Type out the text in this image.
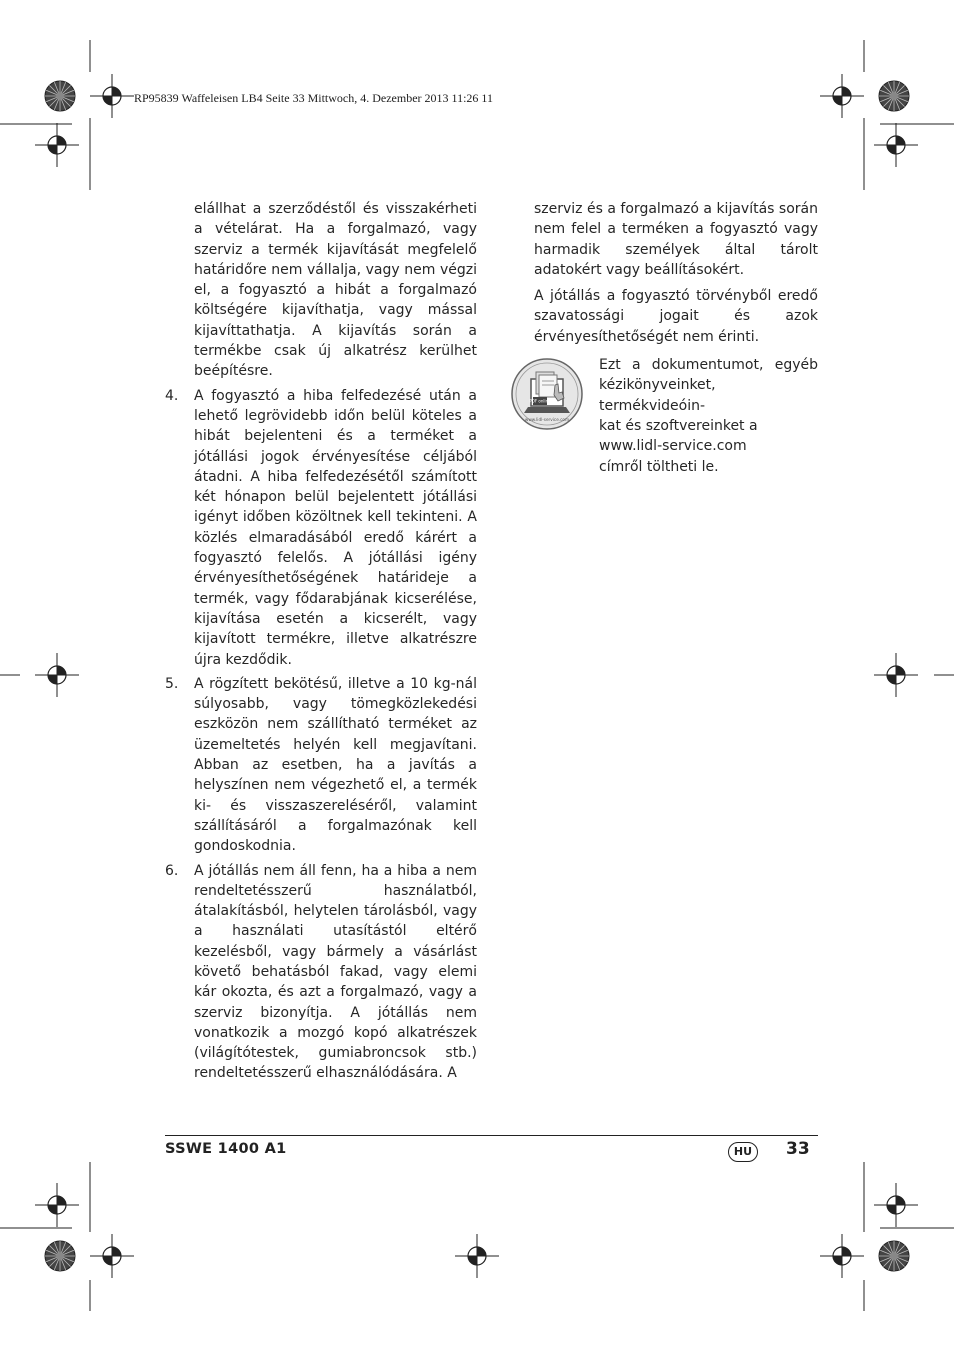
RP95839 Waffeleisen LB4 Seite 33 Mittwoch, 4. Dezember 2013 11:26 11
elállhat a szerződéstől és visszakérheti a vételárat. Ha a forgalmazó, vagy szerviz a termék kijavítását megfelelő határidőre nem vállalja, vagy nem végzi el, a fogyasztó a hibát a forgalmazó költségére kijavíthatja, vagy mással kijavíttathatja. A kijavítás során a termékbe csak új alkatrész kerülhet beépítésre.
4. A fogyasztó a hiba felfedezésé után a lehető legrövidebb időn belül köteles a hibát bejelenteni és a terméket a jótállási jogok érvényesítése céljából átadni. A hiba felfedezésétől számított két hónapon belül bejelentett jótállási igényt időben közöltnek kell tekinteni. A közlés elmaradásából eredő kárért a fogyasztó felelős. A jótállási igény érvényesíthetőségének határideje a termék, vagy fődarabjának kicserélése, kijavítása esetén a kicserélt, vagy kijavított termékre, illetve alkatrészre újra kezdődik.
5. A rögzített bekötésű, illetve a 10 kg-nál súlyosabb, vagy tömegközlekedési eszközön nem szállítható terméket az üzemeltetés helyén kell megjavítani. Abban az esetben, ha a javítás a helyszínen nem végezhető el, a termék ki- és visszaszereléséről, valamint szállításáról a forgalmazónak kell gondoskodnia.
6. A jótállás nem áll fenn, ha a hiba a nem rendeltetésszerű használatból, átalakításból, helytelen tárolásból, vagy a használati utasítástól eltérő kezelésből, vagy bármely a vásárlást követő behatásból fakad, vagy elemi kár okozta, és azt a forgalmazó, vagy a szerviz bizonyítja. A jótállás nem vonatkozik a mozgó kopó alkatrészek (világítótestek, gumiabroncsok stb.) rendeltetésszerű elhasználódására. A

szerviz és a forgalmazó a kijavítás során nem felel a terméken a fogyasztó vagy harmadik személyek által tárolt adatokért vagy beállításokért.

A jótállás a fogyasztó törvényből eredő szavatossági jogait és azok érvényesíthetőségét nem érinti.

PDF online
www.lidl-service.com
Ezt a dokumentumot, egyéb
kézikönyveinket, termékvideóin-
kat és szoftvereinket a
www.lidl-service.com
címről töltheti le.
SSWE 1400 A1	HU	33
